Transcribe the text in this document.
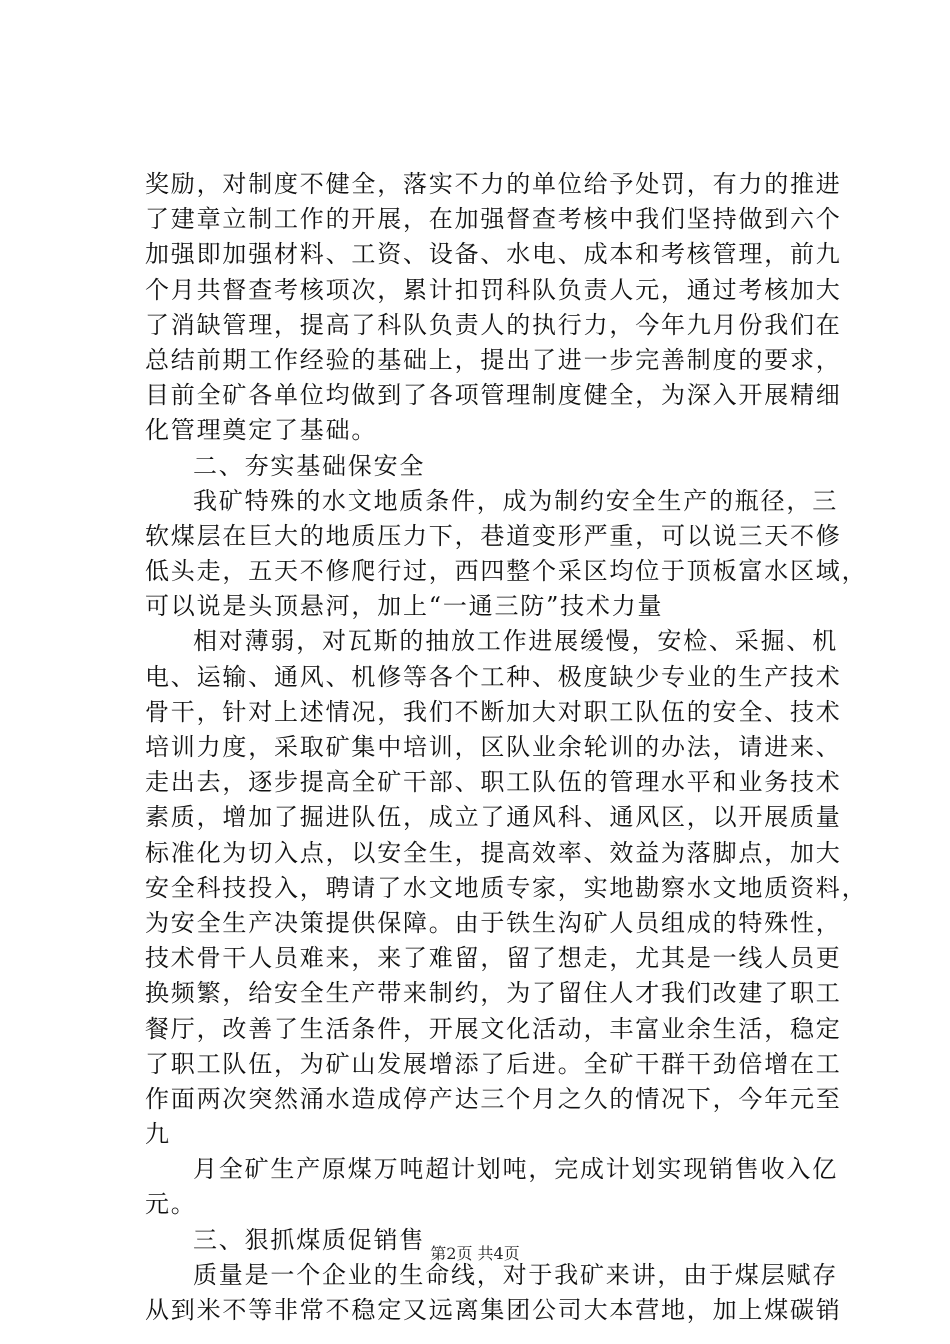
奖励，对制度不健全，落实不力的单位给予处罚，有力的推进
了建章立制工作的开展，在加强督查考核中我们坚持做到六个
加强即加强材料、工资、设备、水电、成本和考核管理，前九
个月共督查考核项次，累计扣罚科队负责人元，通过考核加大
了消缺管理，提高了科队负责人的执行力，今年九月份我们在
总结前期工作经验的基础上，提出了进一步完善制度的要求，
目前全矿各单位均做到了各项管理制度健全，为深入开展精细
化管理奠定了基础。
二、夯实基础保安全
我矿特殊的水文地质条件，成为制约安全生产的瓶径，三
软煤层在巨大的地质压力下，巷道变形严重，可以说三天不修
低头走，五天不修爬行过，西四整个采区均位于顶板富水区域，
可以说是头顶悬河，加上“一通三防”技术力量
相对薄弱，对瓦斯的抽放工作进展缓慢，安检、采掘、机
电、运输、通风、机修等各个工种、极度缺少专业的生产技术
骨干，针对上述情况，我们不断加大对职工队伍的安全、技术
培训力度，采取矿集中培训，区队业余轮训的办法，请进来、
走出去，逐步提高全矿干部、职工队伍的管理水平和业务技术
素质，增加了掘进队伍，成立了通风科、通风区，以开展质量
标准化为切入点，以安全生，提高效率、效益为落脚点，加大
安全科技投入，聘请了水文地质专家，实地勘察水文地质资料，
为安全生产决策提供保障。由于铁生沟矿人员组成的特殊性，
技术骨干人员难来，来了难留，留了想走，尤其是一线人员更
换频繁，给安全生产带来制约，为了留住人才我们改建了职工
餐厅，改善了生活条件，开展文化活动，丰富业余生活，稳定
了职工队伍，为矿山发展增添了后进。全矿干群干劲倍增在工
作面两次突然涌水造成停产达三个月之久的情况下，今年元至
九
月全矿生产原煤万吨超计划吨，完成计划实现销售收入亿
元。
三、狠抓煤质促销售
质量是一个企业的生命线，对于我矿来讲，由于煤层赋存
从到米不等非常不稳定又远离集团公司大本营地，加上煤碳销
第2页 共4页
